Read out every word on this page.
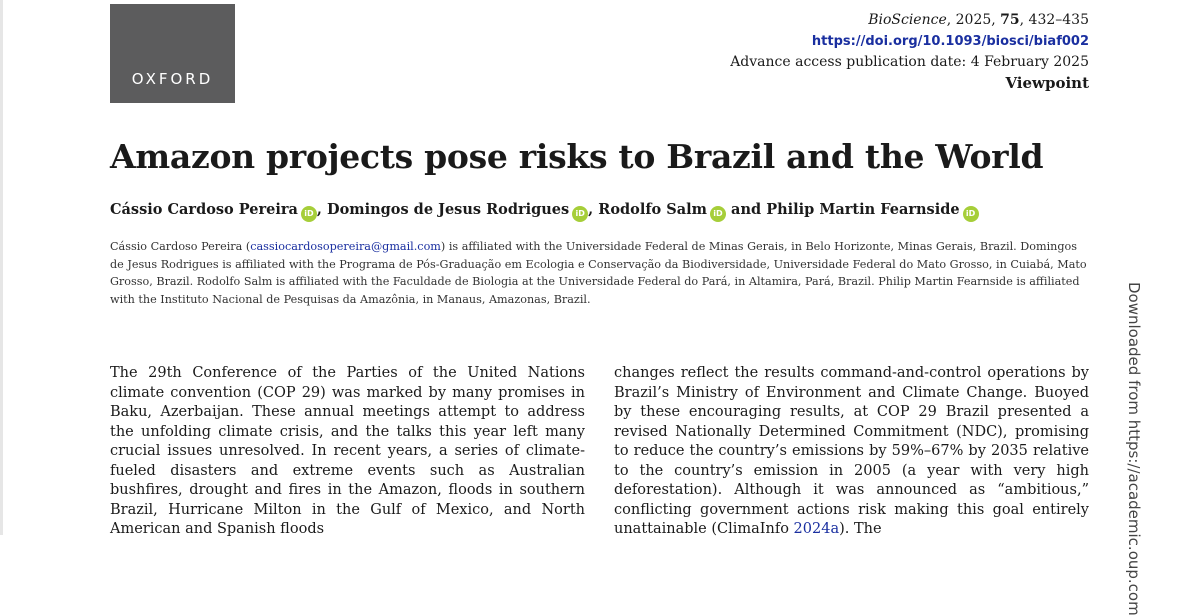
OXFORD
BioScience, 2025, 75, 432–435
https://doi.org/10.1093/biosci/biaf002
Advance access publication date: 4 February 2025
Viewpoint
Amazon projects pose risks to Brazil and the World
Cássio Cardoso Pereira iD , Domingos de Jesus Rodrigues iD , Rodolfo Salm iD and Philip Martin Fearnside iD
Cássio Cardoso Pereira (cassiocardosopereira@gmail.com) is affiliated with the Universidade Federal de Minas Gerais, in Belo Horizonte, Minas Gerais, Brazil. Domingos de Jesus Rodrigues is affiliated with the Programa de Pós-Graduação em Ecologia e Conservação da Biodiversidade, Universidade Federal do Mato Grosso, in Cuiabá, Mato Grosso, Brazil. Rodolfo Salm is affiliated with the Faculdade de Biologia at the Universidade Federal do Pará, in Altamira, Pará, Brazil. Philip Martin Fearnside is affiliated with the Instituto Nacional de Pesquisas da Amazônia, in Manaus, Amazonas, Brazil.
The 29th Conference of the Parties of the United Nations climate convention (COP 29) was marked by many promises in Baku, Azerbaijan. These annual meetings attempt to address the unfolding climate crisis, and the talks this year left many crucial issues unresolved. In recent years, a series of climate-fueled disasters and extreme events such as Australian bushfires, drought and fires in the Amazon, floods in southern Brazil, Hurricane Milton in the Gulf of Mexico, and North American and Spanish floods
changes reflect the results command-and-control operations by Brazil’s Ministry of Environment and Climate Change. Buoyed by these encouraging results, at COP 29 Brazil presented a revised Nationally Determined Commitment (NDC), promising to reduce the country’s emissions by 59%–67% by 2035 relative to the country’s emission in 2005 (a year with very high deforestation). Although it was announced as “ambitious,” conflicting government actions risk making this goal entirely unattainable (ClimaInfo 2024a). The	Downloaded from https://academic.oup.com
